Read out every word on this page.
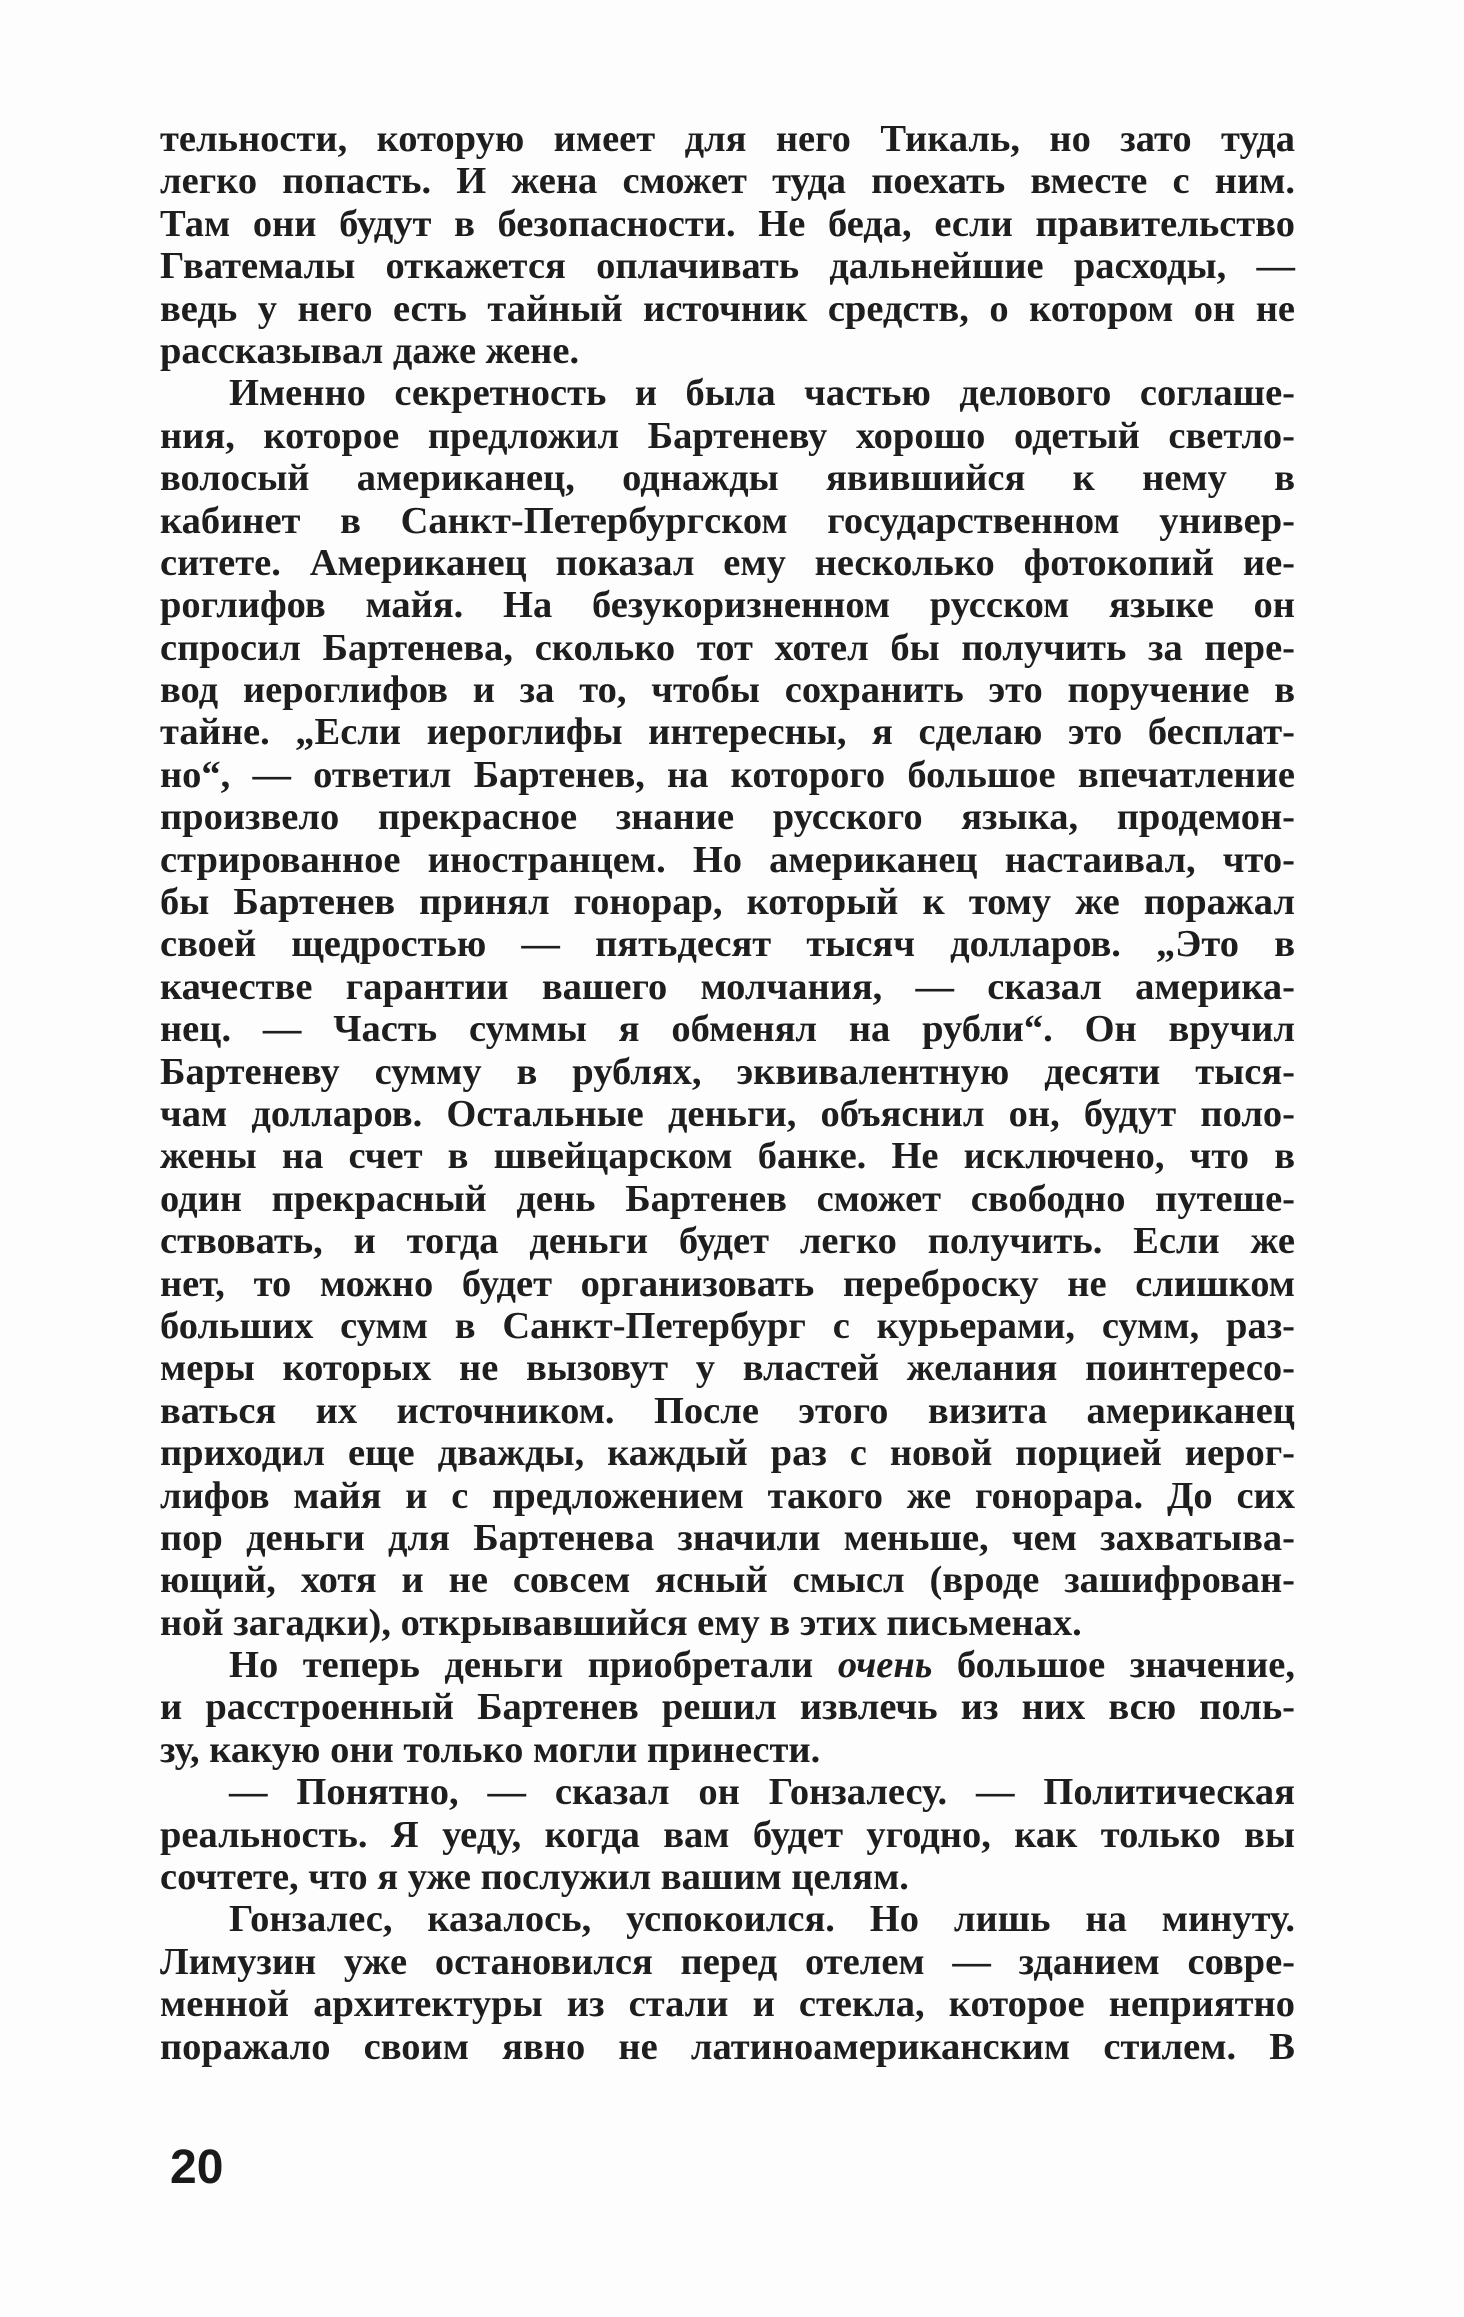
тельности, которую имеет для него Тикаль, но зато туда
легко попасть. И жена сможет туда поехать вместе с ним.
Там они будут в безопасности. Не беда, если правительство
Гватемалы откажется оплачивать дальнейшие расходы, —
ведь у него есть тайный источник средств, о котором он не
рассказывал даже жене.
Именно секретность и была частью делового соглаше-
ния, которое предложил Бартеневу хорошо одетый светло-
волосый американец, однажды явившийся к нему в
кабинет в Санкт-Петербургском государственном универ-
ситете. Американец показал ему несколько фотокопий ие-
роглифов майя. На безукоризненном русском языке он
спросил Бартенева, сколько тот хотел бы получить за пере-
вод иероглифов и за то, чтобы сохранить это поручение в
тайне. „Если иероглифы интересны, я сделаю это бесплат-
но“, — ответил Бартенев, на которого большое впечатление
произвело прекрасное знание русского языка, продемон-
стрированное иностранцем. Но американец настаивал, что-
бы Бартенев принял гонорар, который к тому же поражал
своей щедростью — пятьдесят тысяч долларов. „Это в
качестве гарантии вашего молчания, — сказал америка-
нец. — Часть суммы я обменял на рубли“. Он вручил
Бартеневу сумму в рублях, эквивалентную десяти тыся-
чам долларов. Остальные деньги, объяснил он, будут поло-
жены на счет в швейцарском банке. Не исключено, что в
один прекрасный день Бартенев сможет свободно путеше-
ствовать, и тогда деньги будет легко получить. Если же
нет, то можно будет организовать переброску не слишком
больших сумм в Санкт-Петербург с курьерами, сумм, раз-
меры которых не вызовут у властей желания поинтересо-
ваться их источником. После этого визита американец
приходил еще дважды, каждый раз с новой порцией иерог-
лифов майя и с предложением такого же гонорара. До сих
пор деньги для Бартенева значили меньше, чем захватыва-
ющий, хотя и не совсем ясный смысл (вроде зашифрован-
ной загадки), открывавшийся ему в этих письменах.
Но теперь деньги приобретали очень большое значение,
и расстроенный Бартенев решил извлечь из них всю поль-
зу, какую они только могли принести.
— Понятно, — сказал он Гонзалесу. — Политическая
реальность. Я уеду, когда вам будет угодно, как только вы
сочтете, что я уже послужил вашим целям.
Гонзалес, казалось, успокоился. Но лишь на минуту.
Лимузин уже остановился перед отелем — зданием совре-
менной архитектуры из стали и стекла, которое неприятно
поражало своим явно не латиноамериканским стилем. В
20
